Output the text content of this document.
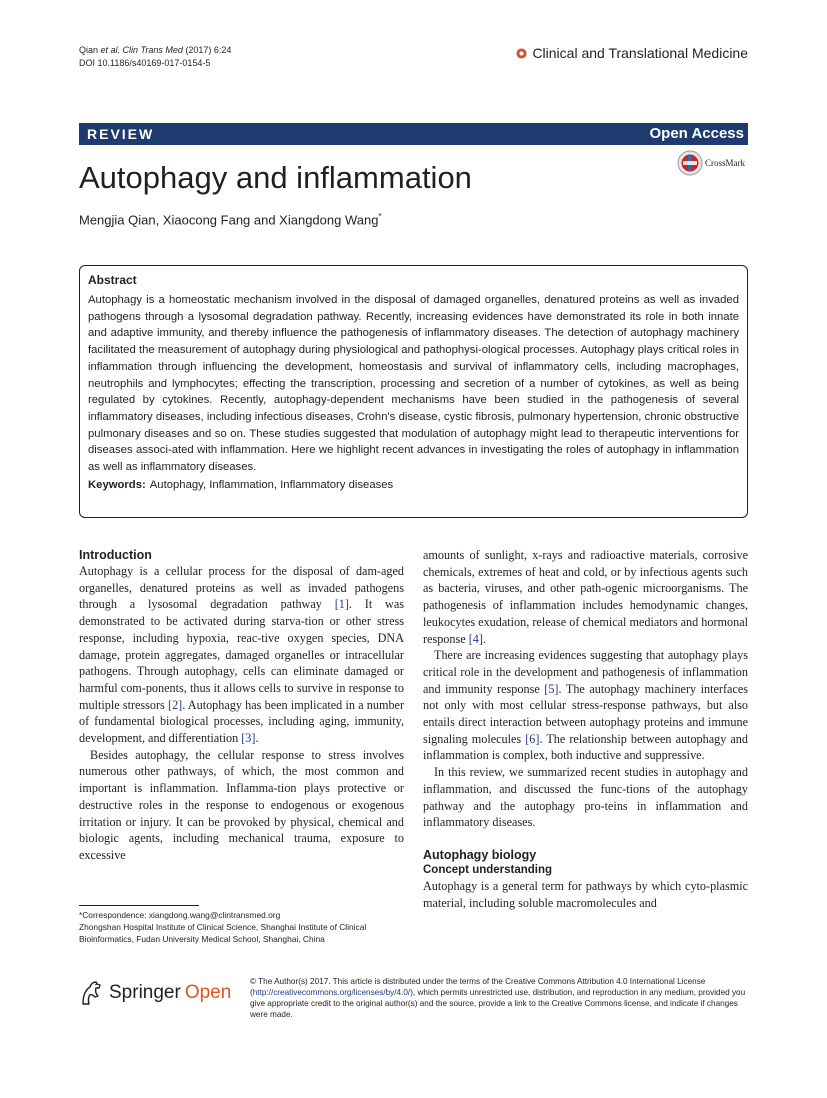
Qian et al. Clin Trans Med (2017) 6:24
DOI 10.1186/s40169-017-0154-5
Clinical and Translational Medicine
REVIEW	Open Access
Autophagy and inflammation	CrossMark
Mengjia Qian, Xiaocong Fang and Xiangdong Wang*
Abstract
Autophagy is a homeostatic mechanism involved in the disposal of damaged organelles, denatured proteins as well as invaded pathogens through a lysosomal degradation pathway. Recently, increasing evidences have demonstrated its role in both innate and adaptive immunity, and thereby influence the pathogenesis of inflammatory diseases. The detection of autophagy machinery facilitated the measurement of autophagy during physiological and pathophysi-ological processes. Autophagy plays critical roles in inflammation through influencing the development, homeostasis and survival of inflammatory cells, including macrophages, neutrophils and lymphocytes; effecting the transcription, processing and secretion of a number of cytokines, as well as being regulated by cytokines. Recently, autophagy-dependent mechanisms have been studied in the pathogenesis of several inflammatory diseases, including infectious diseases, Crohn's disease, cystic fibrosis, pulmonary hypertension, chronic obstructive pulmonary diseases and so on. These studies suggested that modulation of autophagy might lead to therapeutic interventions for diseases associ-ated with inflammation. Here we highlight recent advances in investigating the roles of autophagy in inflammation as well as inflammatory diseases.
Keywords: Autophagy, Inflammation, Inflammatory diseases
Introduction

Autophagy is a cellular process for the disposal of dam-aged organelles, denatured proteins as well as invaded pathogens through a lysosomal degradation pathway [1]. It was demonstrated to be activated during starva-tion or other stress response, including hypoxia, reac-tive oxygen species, DNA damage, protein aggregates, damaged organelles or intracellular pathogens. Through autophagy, cells can eliminate damaged or harmful com-ponents, thus it allows cells to survive in response to multiple stressors [2]. Autophagy has been implicated in a number of fundamental biological processes, including aging, immunity, development, and differentiation [3].

Besides autophagy, the cellular response to stress involves numerous other pathways, of which, the most common and important is inflammation. Inflamma-tion plays protective or destructive roles in the response to endogenous or exogenous irritation or injury. It can be provoked by physical, chemical and biologic agents, including mechanical trauma, exposure to excessive

amounts of sunlight, x-rays and radioactive materials, corrosive chemicals, extremes of heat and cold, or by infectious agents such as bacteria, viruses, and other path-ogenic microorganisms. The pathogenesis of inflammation includes hemodynamic changes, leukocytes exudation, release of chemical mediators and hormonal response [4].

There are increasing evidences suggesting that autophagy plays critical role in the development and pathogenesis of inflammation and immunity response [5]. The autophagy machinery interfaces not only with most cellular stress-response pathways, but also entails direct interaction between autophagy proteins and immune signaling molecules [6]. The relationship between autophagy and inflammation is complex, both inductive and suppressive.

In this review, we summarized recent studies in autophagy and inflammation, and discussed the func-tions of the autophagy pathway and the autophagy pro-teins in inflammation and inflammatory diseases.

Autophagy biology
Concept understanding

Autophagy is a general term for pathways by which cyto-plasmic material, including soluble macromolecules and

*Correspondence: xiangdong.wang@clintransmed.org
Zhongshan Hospital Institute of Clinical Science, Shanghai Institute of Clinical Bioinformatics, Fudan University Medical School, Shanghai, China
Springer Open
© The Author(s) 2017. This article is distributed under the terms of the Creative Commons Attribution 4.0 International License (http://creativecommons.org/licenses/by/4.0/), which permits unrestricted use, distribution, and reproduction in any medium, provided you give appropriate credit to the original author(s) and the source, provide a link to the Creative Commons license, and indicate if changes were made.
